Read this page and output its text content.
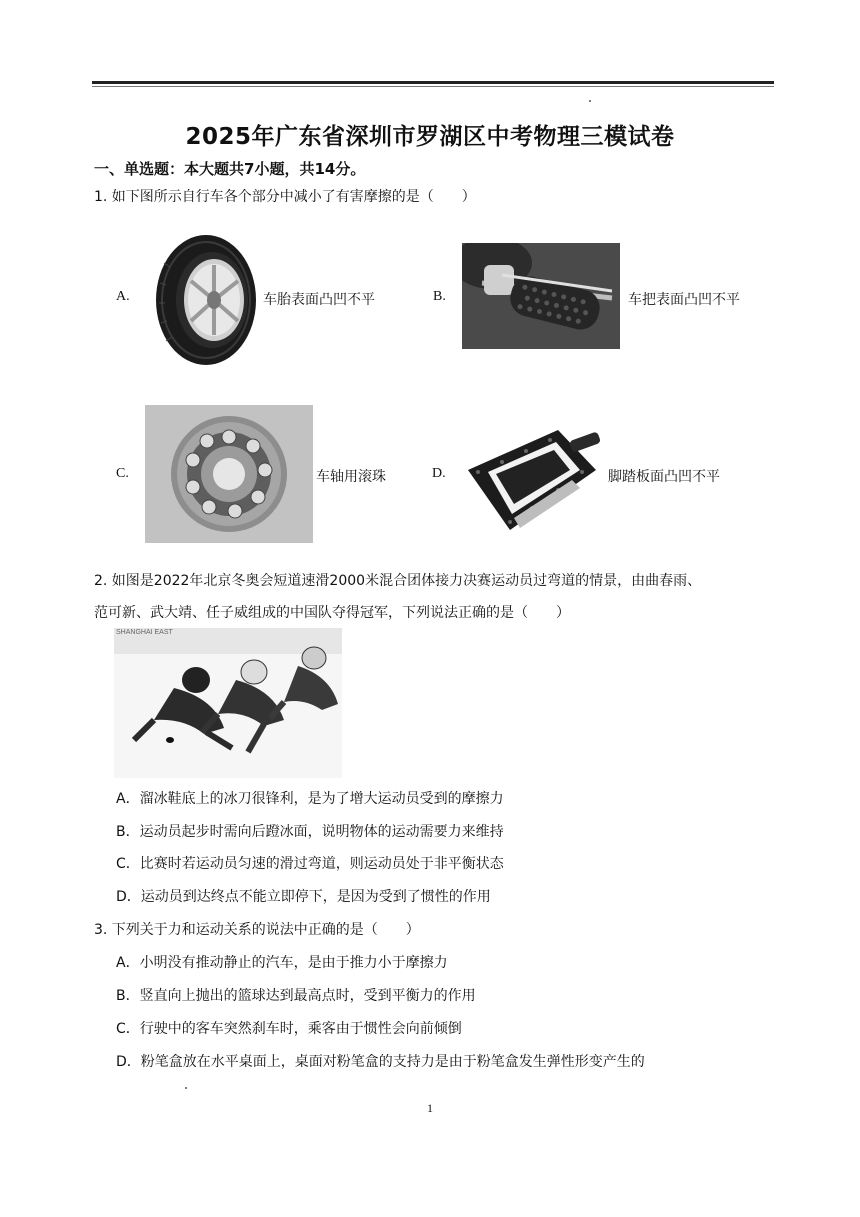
2025年广东省深圳市罗湖区中考物理三模试卷
一、单选题：本大题共7小题，共14分。
1. 如下图所示自行车各个部分中减小了有害摩擦的是（　　）
A.	车胎表面凸凹不平	B.	车把表面凸凹不平
C.	车轴用滚珠	D.	脚踏板面凸凹不平
2. 如图是2022年北京冬奥会短道速滑2000米混合团体接力决赛运动员过弯道的情景，由曲春雨、
范可新、武大靖、任子威组成的中国队夺得冠军，下列说法正确的是（　　）
SHANGHAI EAST
A．溜冰鞋底上的冰刀很锋利，是为了增大运动员受到的摩擦力
B．运动员起步时需向后蹬冰面，说明物体的运动需要力来维持
C．比赛时若运动员匀速的滑过弯道，则运动员处于非平衡状态
D．运动员到达终点不能立即停下，是因为受到了惯性的作用
3. 下列关于力和运动关系的说法中正确的是（　　）
A．小明没有推动静止的汽车，是由于推力小于摩擦力
B．竖直向上抛出的篮球达到最高点时，受到平衡力的作用
C．行驶中的客车突然刹车时，乘客由于惯性会向前倾倒
D．粉笔盒放在水平桌面上，桌面对粉笔盒的支持力是由于粉笔盒发生弹性形变产生的
1
